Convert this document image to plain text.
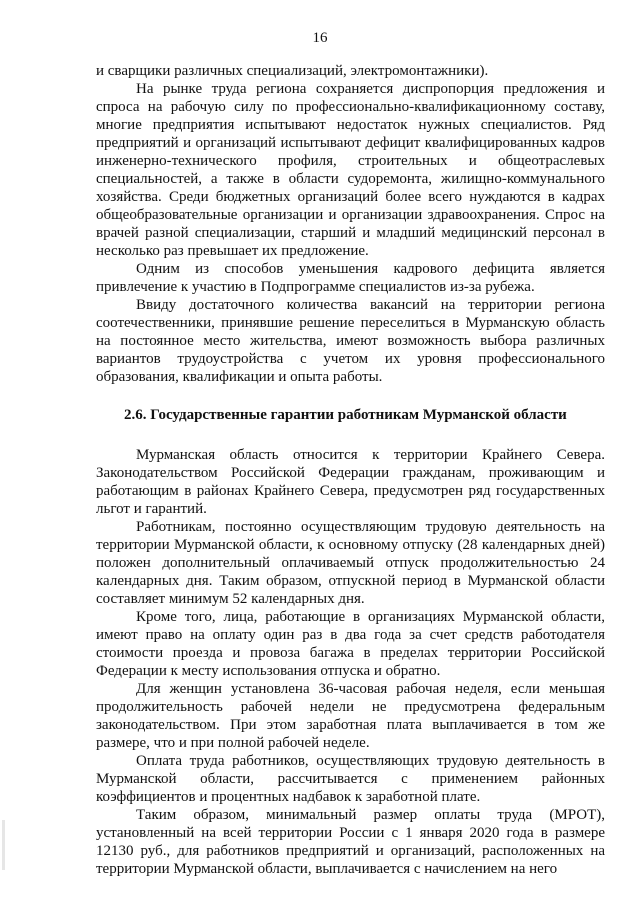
16

и сварщики различных специализаций, электромонтажники).

На рынке труда региона сохраняется диспропорция предложения и спроса на рабочую силу по профессионально-квалификационному составу, многие предприятия испытывают недостаток нужных специалистов. Ряд предприятий и организаций испытывают дефицит квалифицированных кадров инженерно-технического профиля, строительных и общеотраслевых специальностей, а также в области судоремонта, жилищно-коммунального хозяйства. Среди бюджетных организаций более всего нуждаются в кадрах общеобразовательные организации и организации здравоохранения. Спрос на врачей разной специализации, старший и младший медицинский персонал в несколько раз превышает их предложение.

Одним из способов уменьшения кадрового дефицита является привлечение к участию в Подпрограмме специалистов из-за рубежа.

Ввиду достаточного количества вакансий на территории региона соотечественники, принявшие решение переселиться в Мурманскую область на постоянное место жительства, имеют возможность выбора различных вариантов трудоустройства с учетом их уровня профессионального образования, квалификации и опыта работы.

2.6. Государственные гарантии работникам Мурманской области

Мурманская область относится к территории Крайнего Севера. Законодательством Российской Федерации гражданам, проживающим и работающим в районах Крайнего Севера, предусмотрен ряд государственных льгот и гарантий.

Работникам, постоянно осуществляющим трудовую деятельность на территории Мурманской области, к основному отпуску (28 календарных дней) положен дополнительный оплачиваемый отпуск продолжительностью 24 календарных дня. Таким образом, отпускной период в Мурманской области составляет минимум 52 календарных дня.

Кроме того, лица, работающие в организациях Мурманской области, имеют право на оплату один раз в два года за счет средств работодателя стоимости проезда и провоза багажа в пределах территории Российской Федерации к месту использования отпуска и обратно.

Для женщин установлена 36-часовая рабочая неделя, если меньшая продолжительность рабочей недели не предусмотрена федеральным законодательством. При этом заработная плата выплачивается в том же размере, что и при полной рабочей неделе.

Оплата труда работников, осуществляющих трудовую деятельность в Мурманской области, рассчитывается с применением районных коэффициентов и процентных надбавок к заработной плате.

Таким образом, минимальный размер оплаты труда (МРОТ), установленный на всей территории России с 1 января 2020 года в размере 12130 руб., для работников предприятий и организаций, расположенных на территории Мурманской области, выплачивается с начислением на него
